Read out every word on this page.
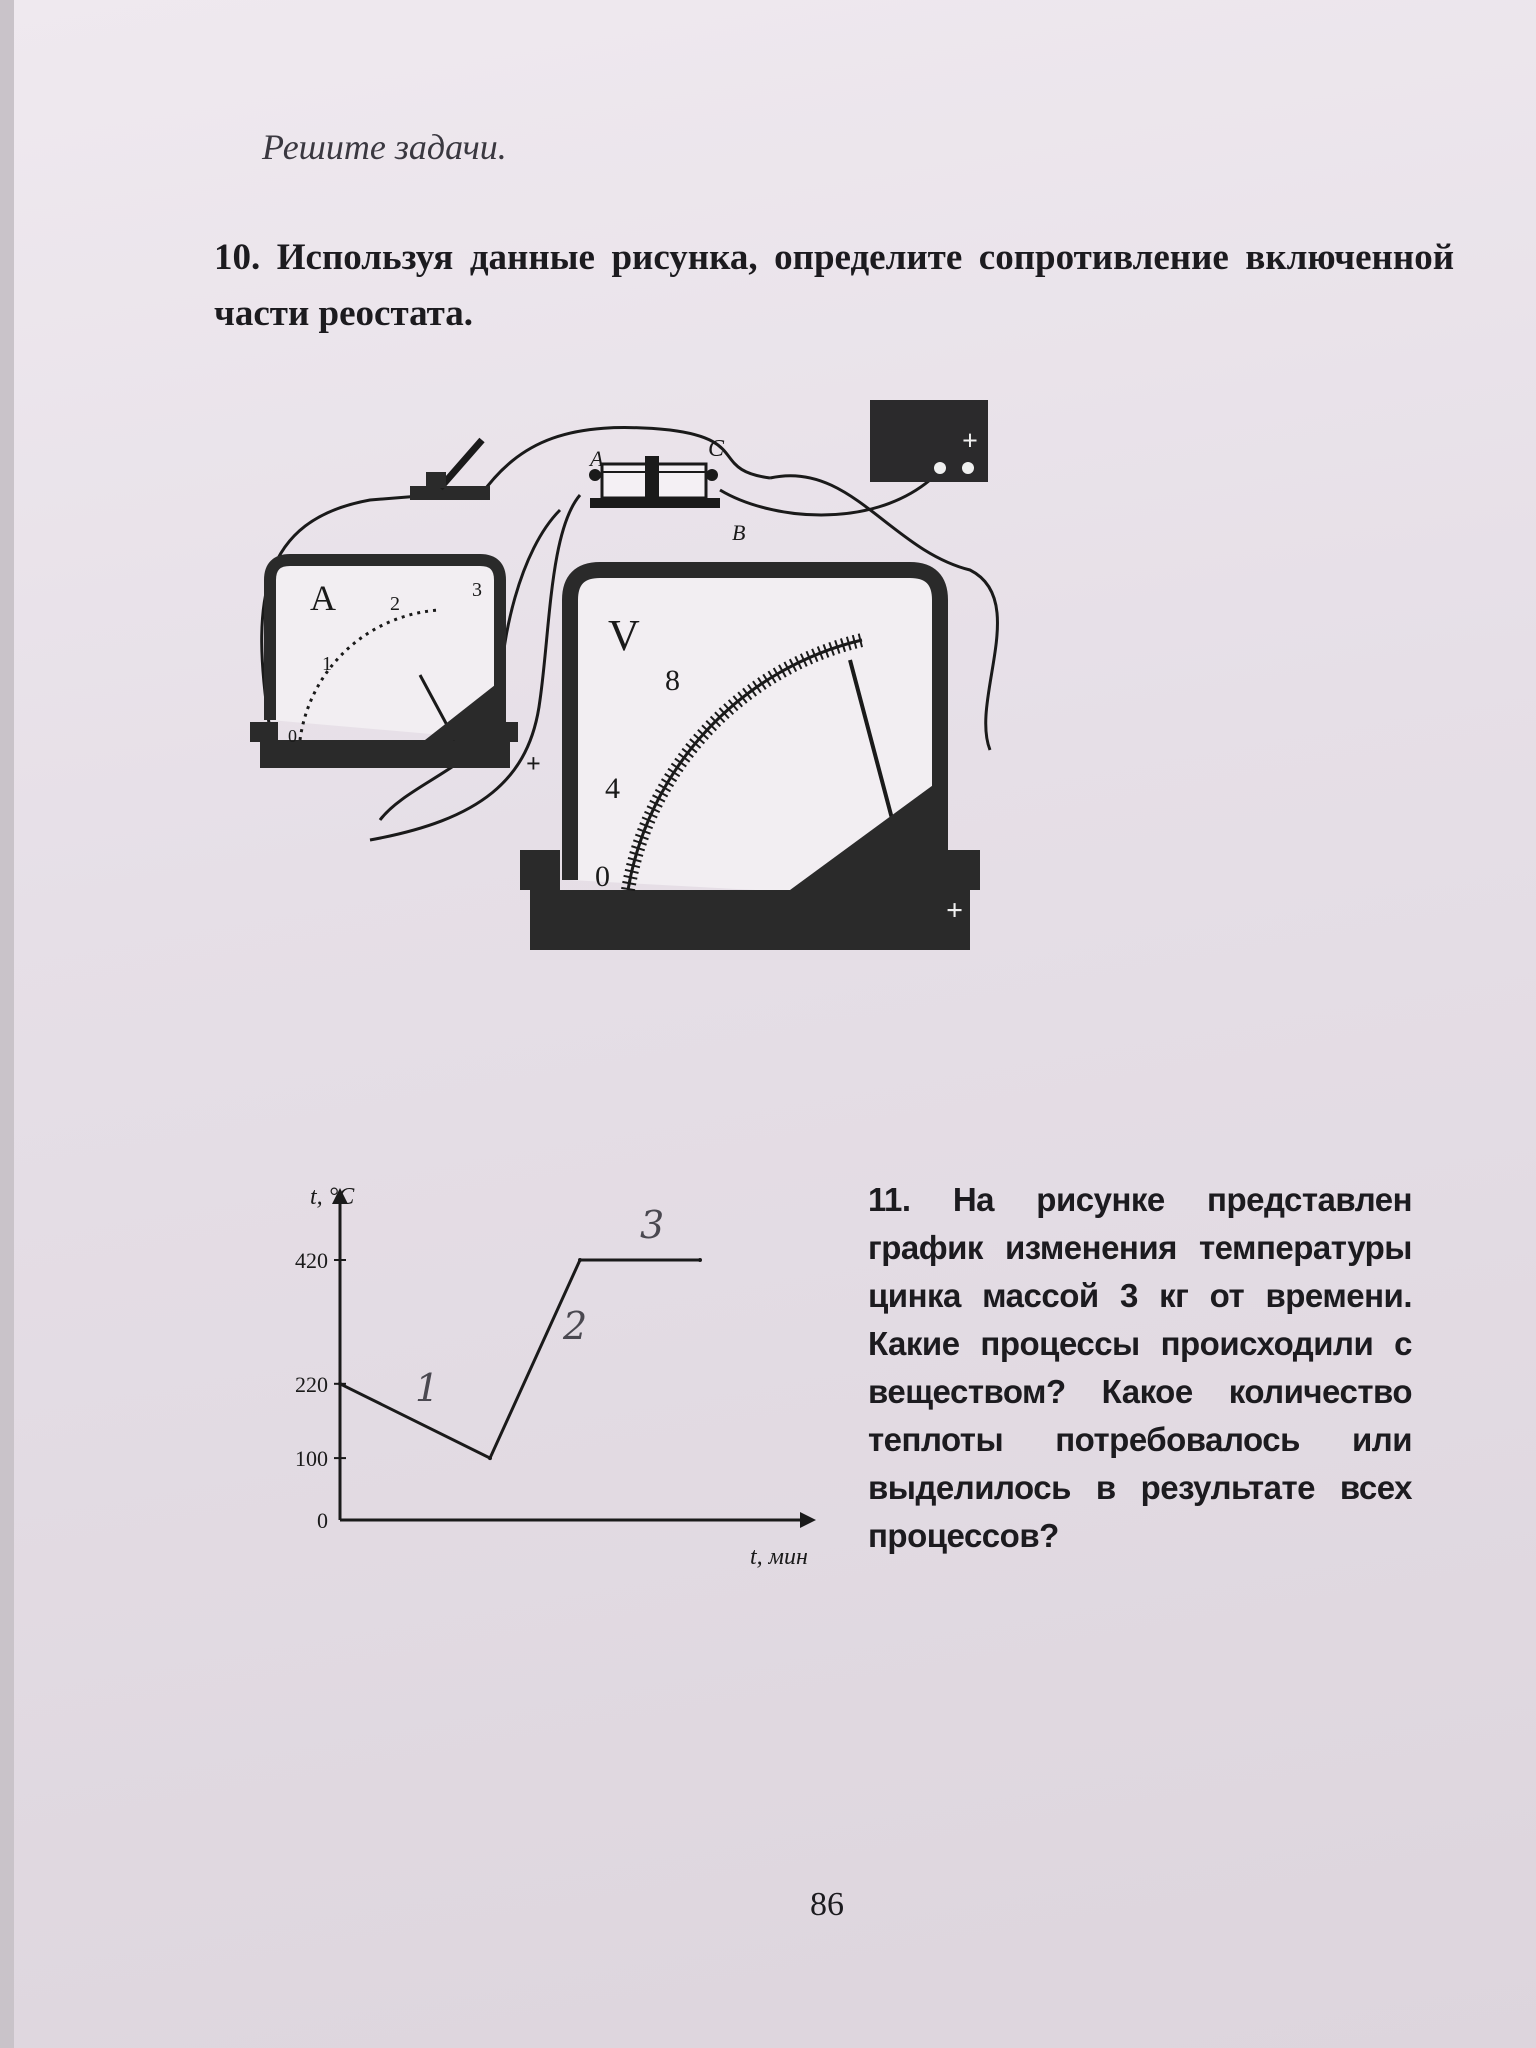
Решите задачи.
10. Используя данные рисунка, определите сопротивление включенной части реостата.
A	C
B
+
A
0
1
2
3
+
V
0
4
8
+
0
100
220
420
t, °C
t, мин
1
2
3
11. На рисунке представлен график изменения температуры цинка массой 3 кг от времени. Какие процессы происходили с веществом? Какое количество теплоты потребовалось или выделилось в результате всех процессов?
86
